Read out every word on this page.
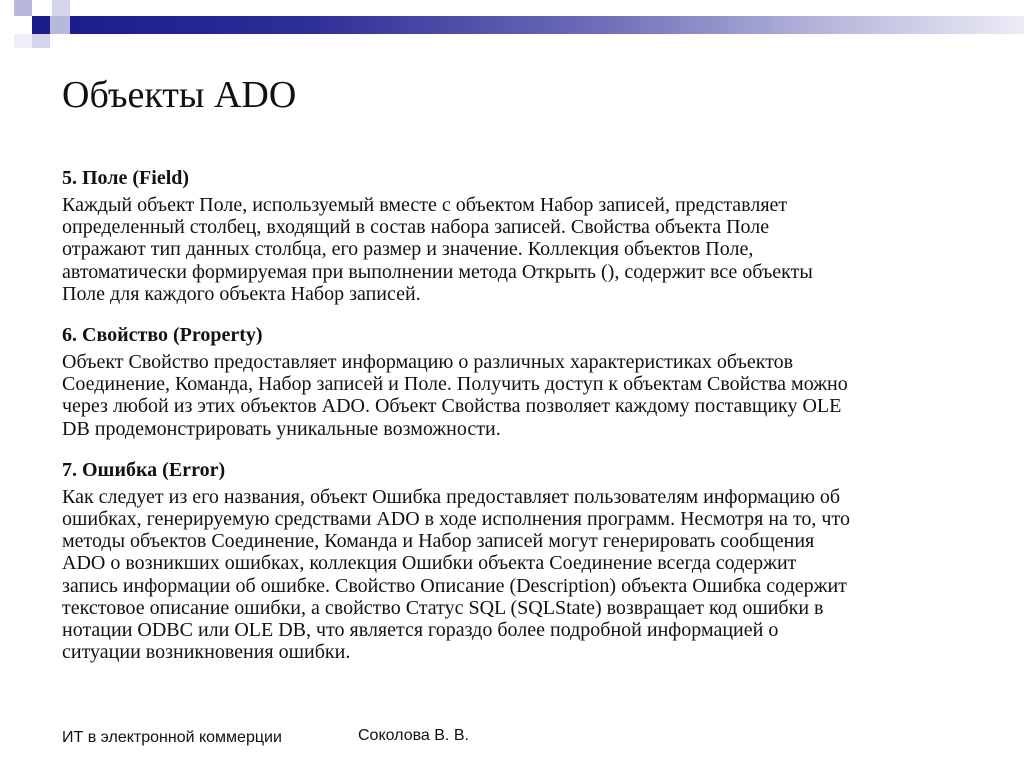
Объекты ADO

5. Поле (Field)

Каждый объект Поле, используемый вместе с объектом Набор записей, представляет
определенный столбец, входящий в состав набора записей. Свойства объекта Поле
отражают тип данных столбца, его размер и значение. Коллекция объектов Поле,
автоматически формируемая при выполнении метода Открыть (), содержит все объекты
Поле для каждого объекта Набор записей.

6. Свойство (Property)

Объект Свойство предоставляет информацию о различных характеристиках объектов
Соединение, Команда, Набор записей и Поле. Получить доступ к объектам Свойства можно
через любой из этих объектов ADO. Объект Свойства позволяет каждому поставщику OLE
DB продемонстрировать уникальные возможности.

7. Ошибка (Error)

Как следует из его названия, объект Ошибка предоставляет пользователям информацию об
ошибках, генерируемую средствами ADO в ходе исполнения программ. Несмотря на то, что
методы объектов Соединение, Команда и Набор записей могут генерировать сообщения
ADO о возникших ошибках, коллекция Ошибки объекта Соединение всегда содержит
запись информации об ошибке. Свойство Описание (Description) объекта Ошибка содержит
текстовое описание ошибки, а свойство Статус SQL (SQLState) возвращает код ошибки в
нотации ODBC или OLE DB, что является гораздо более подробной информацией о
ситуации возникновения ошибки.

ИТ в электронной коммерции	Соколова В. В.
